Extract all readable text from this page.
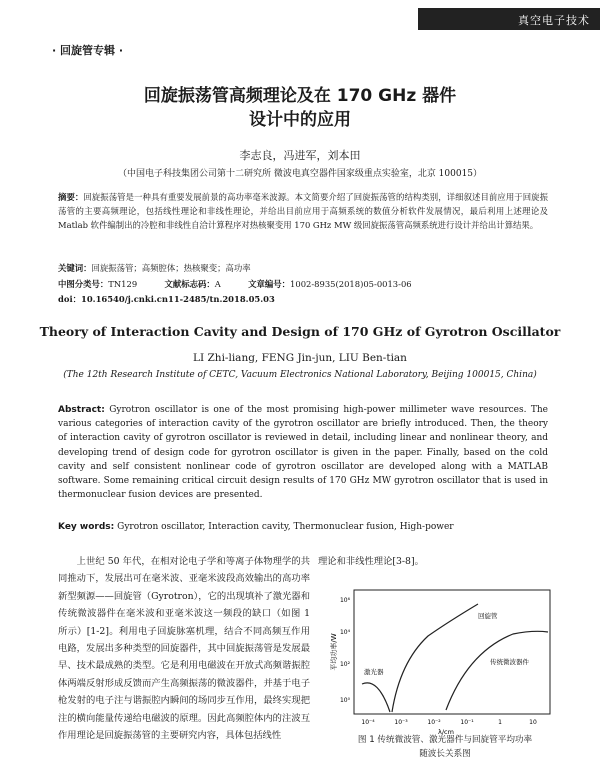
真空电子技术
· 回旋管专辑 ·
回旋振荡管高频理论及在 170 GHz 器件
设计中的应用
李志良，冯进军，刘本田
（中国电子科技集团公司第十二研究所 微波电真空器件国家级重点实验室，北京 100015）
摘要：回旋振荡管是一种具有重要发展前景的高功率毫米波源。本文简要介绍了回旋振荡管的结构类别，详细叙述目前应用于回旋振荡管的主要高频理论，包括线性理论和非线性理论，并给出目前应用于高频系统的数值分析软件发展情况，最后利用上述理论及 Matlab 软件编制出的冷腔和非线性自洽计算程序对热核聚变用 170 GHz MW 级回旋振荡管高频系统进行设计并给出计算结果。
关键词：回旋振荡管；高频腔体；热核聚变；高功率
中图分类号：TN129	文献标志码：A	文章编号：1002-8935(2018)05-0013-06
doi：10.16540/j.cnki.cn11-2485/tn.2018.05.03
Theory of Interaction Cavity and Design of 170 GHz of Gyrotron Oscillator
LI Zhi-liang, FENG Jin-jun, LIU Ben-tian
(The 12th Research Institute of CETC, Vacuum Electronics National Laboratory, Beijing 100015, China)
Abstract: Gyrotron oscillator is one of the most promising high-power millimeter wave resources. The various categories of interaction cavity of the gyrotron oscillator are briefly introduced. Then, the theory of interaction cavity of gyrotron oscillator is reviewed in detail, including linear and nonlinear theory, and developing trend of design code for gyrotron oscillator is given in the paper. Finally, based on the cold cavity and self consistent nonlinear code of gyrotron oscillator are developed along with a MATLAB software. Some remaining critical circuit design results of 170 GHz MW gyrotron oscillator that is used in thermonuclear fusion devices are presented.
Key words: Gyrotron oscillator, Interaction cavity, Thermonuclear fusion, High-power
上世纪 50 年代，在相对论电子学和等离子体物理学的共同推动下，发展出可在毫米波、亚毫米波段高效输出的高功率新型频源——回旋管（Gyrotron），它的出现填补了激光器和传统微波器件在毫米波和亚毫米波这一频段的缺口（如图 1 所示）[1-2]。利用电子回旋脉塞机理，结合不同高频互作用电路，发展出多种类型的回旋器件，其中回旋振荡管是发展最早、技术最成熟的类型。它是利用电磁波在开放式高频谐振腔体两端反射形成反馈而产生高频振荡的微波器件，并基于电子枪发射的电子注与谐振腔内瞬间的场同步互作用，最终实现把注的横向能量传递给电磁波的原理。因此高频腔体内的注波互作用理论是回旋振荡管的主要研究内容，具体包括线性
理论和非线性理论[3-8]。
平均功率/W
10⁶
10⁴
10²
10⁰
10⁻⁴	10⁻³	10⁻²	10⁻¹	1	10
λ/cm
回旋管
传统微波器件
激光器
图 1 传统微波管、激光器件与回旋管平均功率
随波长关系图
